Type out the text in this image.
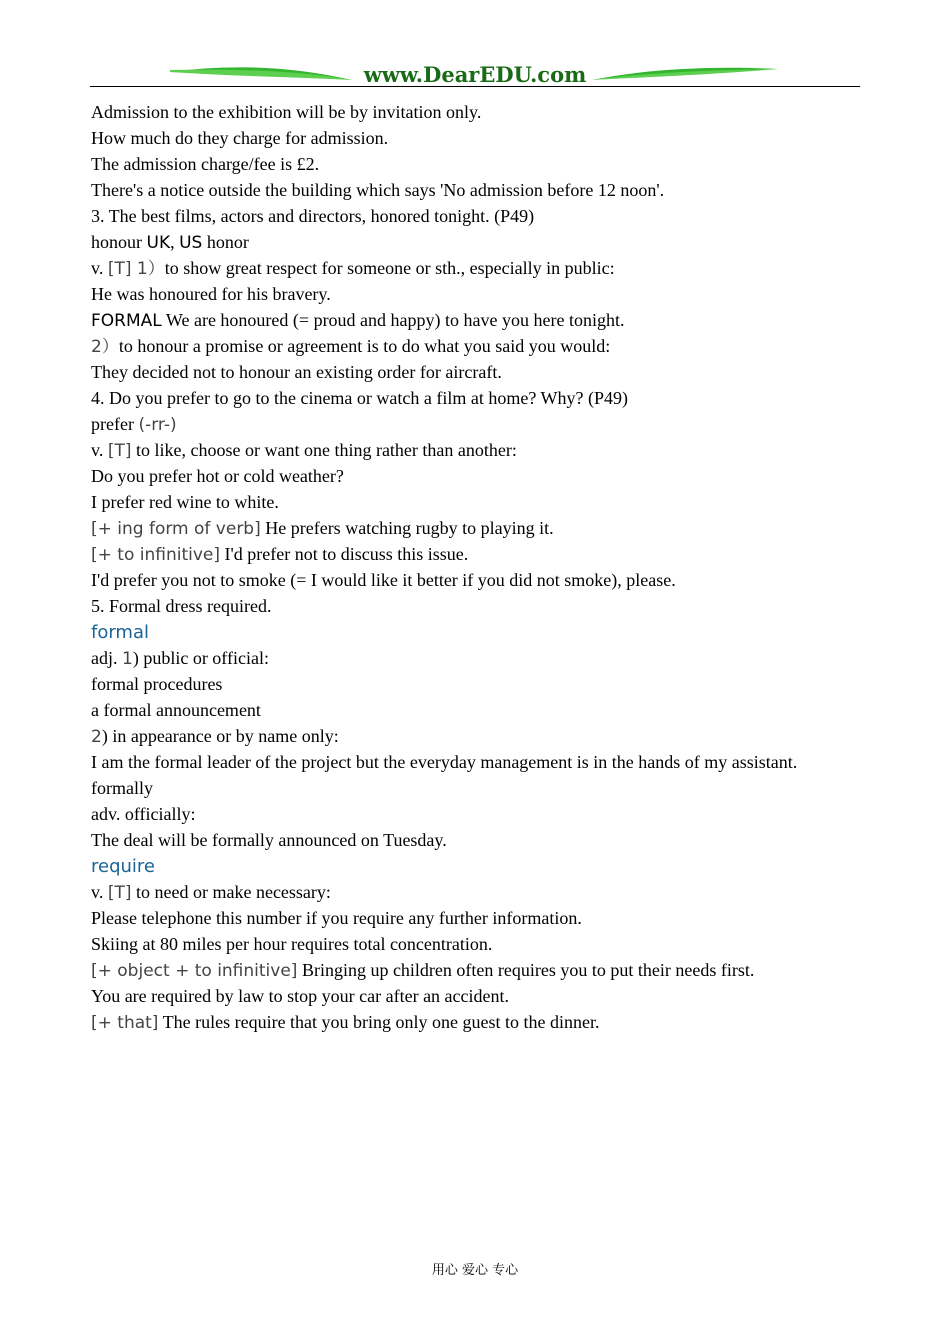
www.DearEDU.com
Admission to the exhibition will be by invitation only.
How much do they charge for admission.
The admission charge/fee is £2.
There's a notice outside the building which says 'No admission before 12 noon'.
3. The best films, actors and directors, honored tonight. (P49)
honour UK, US honor
v. [T] 1）to show great respect for someone or sth., especially in public:
He was honoured for his bravery.
FORMAL We are honoured (= proud and happy) to have you here tonight.
2）to honour a promise or agreement is to do what you said you would:
They decided not to honour an existing order for aircraft.
4. Do you prefer to go to the cinema or watch a film at home? Why? (P49)
prefer (-rr-)
v. [T] to like, choose or want one thing rather than another:
Do you prefer hot or cold weather?
I prefer red wine to white.
[+ ing form of verb] He prefers watching rugby to playing it.
[+ to infinitive] I'd prefer not to discuss this issue.
I'd prefer you not to smoke (= I would like it better if you did not smoke), please.
5. Formal dress required.
formal
adj. 1) public or official:
formal procedures
a formal announcement
2) in appearance or by name only:
I am the formal leader of the project but the everyday management is in the hands of my assistant.
formally
adv. officially:
The deal will be formally announced on Tuesday.
require
v. [T] to need or make necessary:
Please telephone this number if you require any further information.
Skiing at 80 miles per hour requires total concentration.
[+ object + to infinitive] Bringing up children often requires you to put their needs first.
You are required by law to stop your car after an accident.
[+ that] The rules require that you bring only one guest to the dinner.
用心 爱心 专心
